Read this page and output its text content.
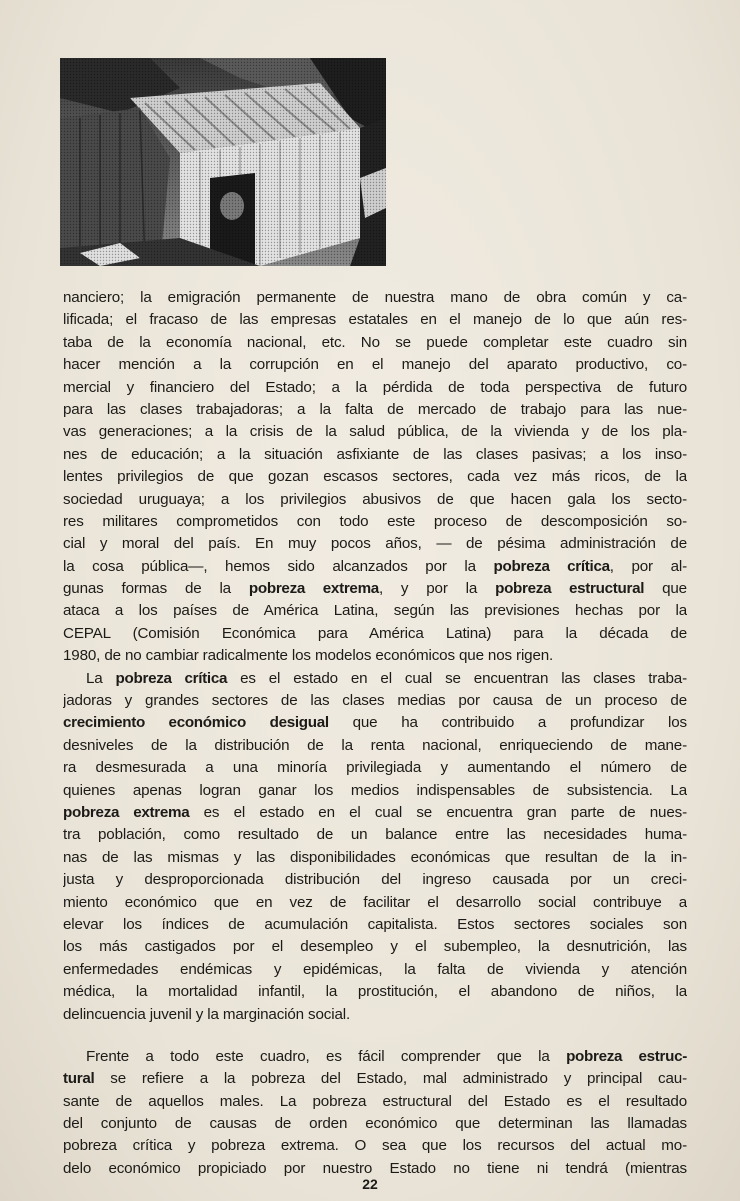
nanciero; la emigración permanente de nuestra mano de obra común y ca-
lificada; el fracaso de las empresas estatales en el manejo de lo que aún res-
taba de la economía nacional, etc. No se puede completar este cuadro sin
hacer mención a la corrupción en el manejo del aparato productivo, co-
mercial y financiero del Estado; a la pérdida de toda perspectiva de futuro
para las clases trabajadoras; a la falta de mercado de trabajo para las nue-
vas generaciones; a la crisis de la salud pública, de la vivienda y de los pla-
nes de educación; a la situación asfixiante de las clases pasivas; a los inso-
lentes privilegios de que gozan escasos sectores, cada vez más ricos, de la
sociedad uruguaya; a los privilegios abusivos de que hacen gala los secto-
res militares comprometidos con todo este proceso de descomposición so-
cial y moral del país. En muy pocos años, — de pésima administración de
la cosa pública—, hemos sido alcanzados por la pobreza crítica, por al-
gunas formas de la pobreza extrema, y por la pobreza estructural que
ataca a los países de América Latina, según las previsiones hechas por la
CEPAL (Comisión Económica para América Latina) para la década de
1980, de no cambiar radicalmente los modelos económicos que nos rigen.
La pobreza crítica es el estado en el cual se encuentran las clases traba-
jadoras y grandes sectores de las clases medias por causa de un proceso de
crecimiento económico desigual que ha contribuido a profundizar los
desniveles de la distribución de la renta nacional, enriqueciendo de mane-
ra desmesurada a una minoría privilegiada y aumentando el número de
quienes apenas logran ganar los medios indispensables de subsistencia. La
pobreza extrema es el estado en el cual se encuentra gran parte de nues-
tra población, como resultado de un balance entre las necesidades huma-
nas de las mismas y las disponibilidades económicas que resultan de la in-
justa y desproporcionada distribución del ingreso causada por un creci-
miento económico que en vez de facilitar el desarrollo social contribuye a
elevar los índices de acumulación capitalista. Estos sectores sociales son
los más castigados por el desempleo y el subempleo, la desnutrición, las
enfermedades endémicas y epidémicas, la falta de vivienda y atención
médica, la mortalidad infantil, la prostitución, el abandono de niños, la
delincuencia juvenil y la marginación social.
Frente a todo este cuadro, es fácil comprender que la pobreza estruc-
tural se refiere a la pobreza del Estado, mal administrado y principal cau-
sante de aquellos males. La pobreza estructural del Estado es el resultado
del conjunto de causas de orden económico que determinan las llamadas
pobreza crítica y pobreza extrema. O sea que los recursos del actual mo-
delo económico propiciado por nuestro Estado no tiene ni tendrá (mientras
22
